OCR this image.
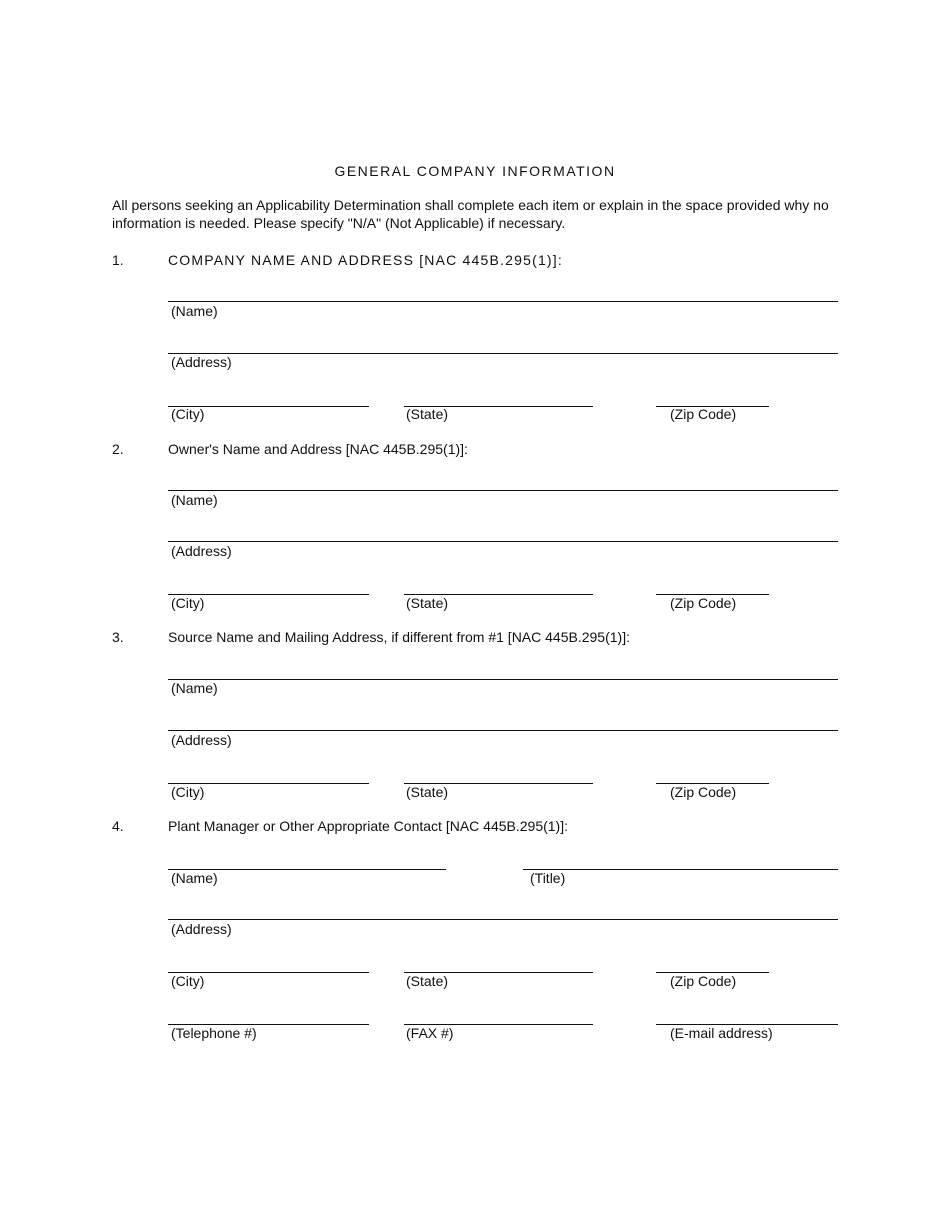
GENERAL COMPANY INFORMATION
All persons seeking an Applicability Determination shall complete each item or explain in the space provided why no information is needed. Please specify "N/A" (Not Applicable) if necessary.
1.	COMPANY NAME AND ADDRESS [NAC 445B.295(1)]:
(Name)
(Address)
(City)	(State)	(Zip Code)
2.	Owner's Name and Address [NAC 445B.295(1)]:
(Name)
(Address)
(City)	(State)	(Zip Code)
3.	Source Name and Mailing Address, if different from #1 [NAC 445B.295(1)]:
(Name)
(Address)
(City)	(State)	(Zip Code)
4.	Plant Manager or Other Appropriate Contact [NAC 445B.295(1)]:
(Name)	(Title)
(Address)
(City)	(State)	(Zip Code)
(Telephone #)	(FAX #)	(E-mail address)
